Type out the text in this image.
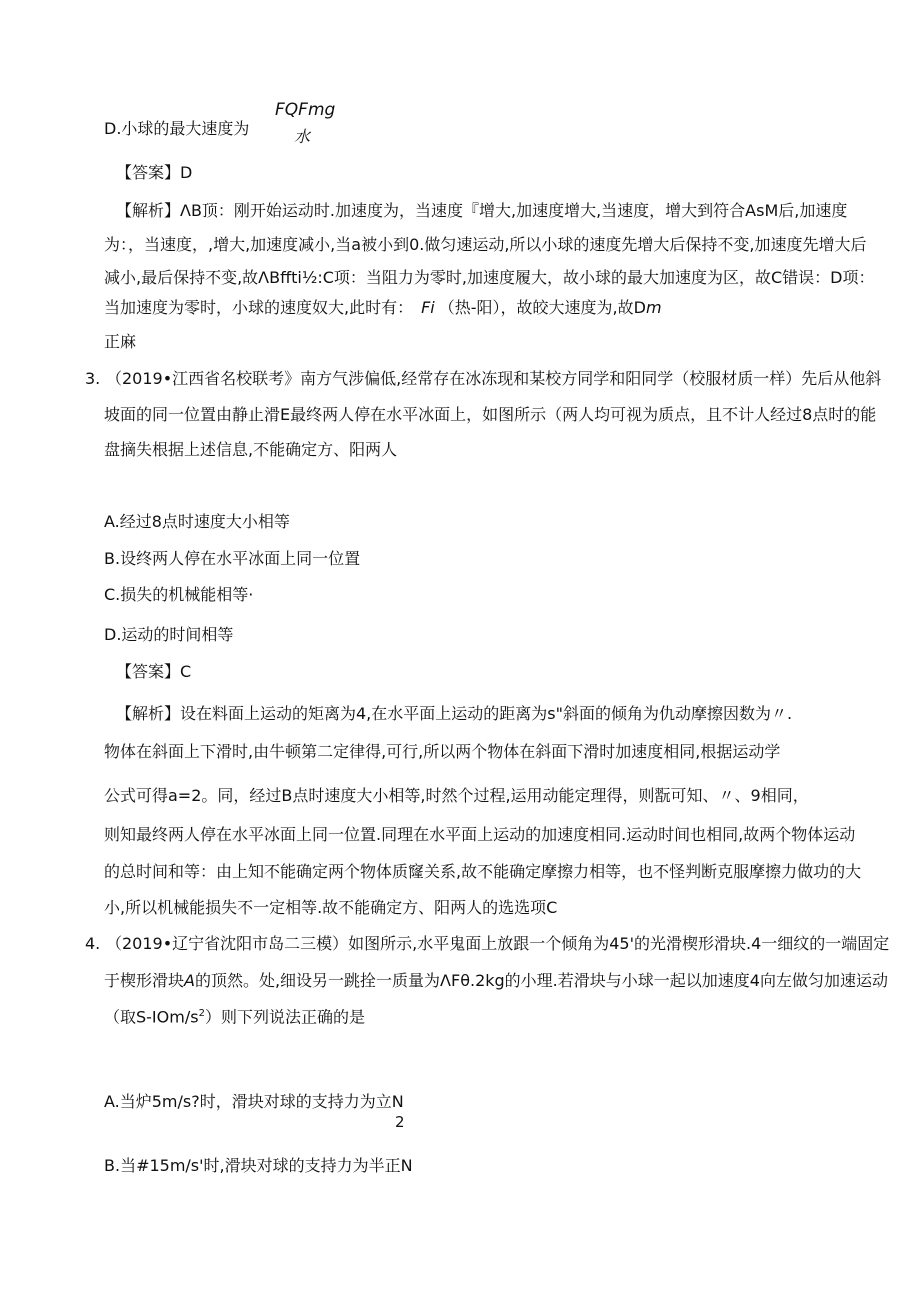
D.小球的最大速度为
FQFmg
水
【答案】D
【解析】ΛB顶：刚开始运动时.加速度为，当速度『增大,加速度增大,当速度，增大到符合AsM后,加速度
为：，当速度，,增大,加速度减小,当a被小到0.做匀速运动,所以小球的速度先增大后保持不变,加速度先增大后
减小,最后保持不变,故ΛBffti½:C项：当阻力为零时,加速度履大，故小球的最大加速度为区，故C错误：D项：
当加速度为零时，小球的速度奴大,此时有： Fi （热-阳），故皎大速度为,故Dm
正麻
3. （2019•江西省名校联考》南方气涉偏低,经常存在冰冻现和某校方同学和阳同学（校服材质一样）先后从他斜
坡面的同一位置由静止滑E最终两人停在水平冰面上，如图所示（两人均可视为质点，且不计人经过8点时的能
盘摘失根据上述信息,不能确定方、阳两人
A.经过8点时速度大小相等
B.设终两人停在水平冰面上同一位置
C.损失的机械能相等·
D.运动的时间相等
【答案】C
【解析】设在料面上运动的矩离为4,在水平面上运动的距离为s"斜面的倾角为仇动摩擦因数为〃.
物体在斜面上下滑时,由牛顿第二定律得,可行,所以两个物体在斜面下滑时加速度相同,根据运动学
公式可得a=2。同，经过B点时速度大小相等,时然个过程,运用动能定理得，则翫可知、〃、9相同，
则知最终两人停在水平冰面上同一位置.同理在水平面上运动的加速度相同.运动时间也相同,故两个物体运动
的总时间和等：由上知不能确定两个物体质窿关系,故不能确定摩擦力相等，也不怪判断克服摩擦力做功的大
小,所以机械能损失不一定相等.故不能确定方、阳两人的选选项C
4. （2019•辽宁省沈阳市岛二三模）如图所示,水平鬼面上放跟一个倾角为45'的光滑楔形滑块.4一细纹的一端固定
于楔形滑块A的顶然。处,细设另一跳拴一质量为ΛFθ.2kg的小理.若滑块与小球一起以加速度4向左做匀加速运动
（取$S-IOm∕s^2$）则下列说法正确的是
A.当炉5m/s?时，滑块对球的支持力为立N
2
B.当#15m∕s'时,滑块对球的支持力为半正N
